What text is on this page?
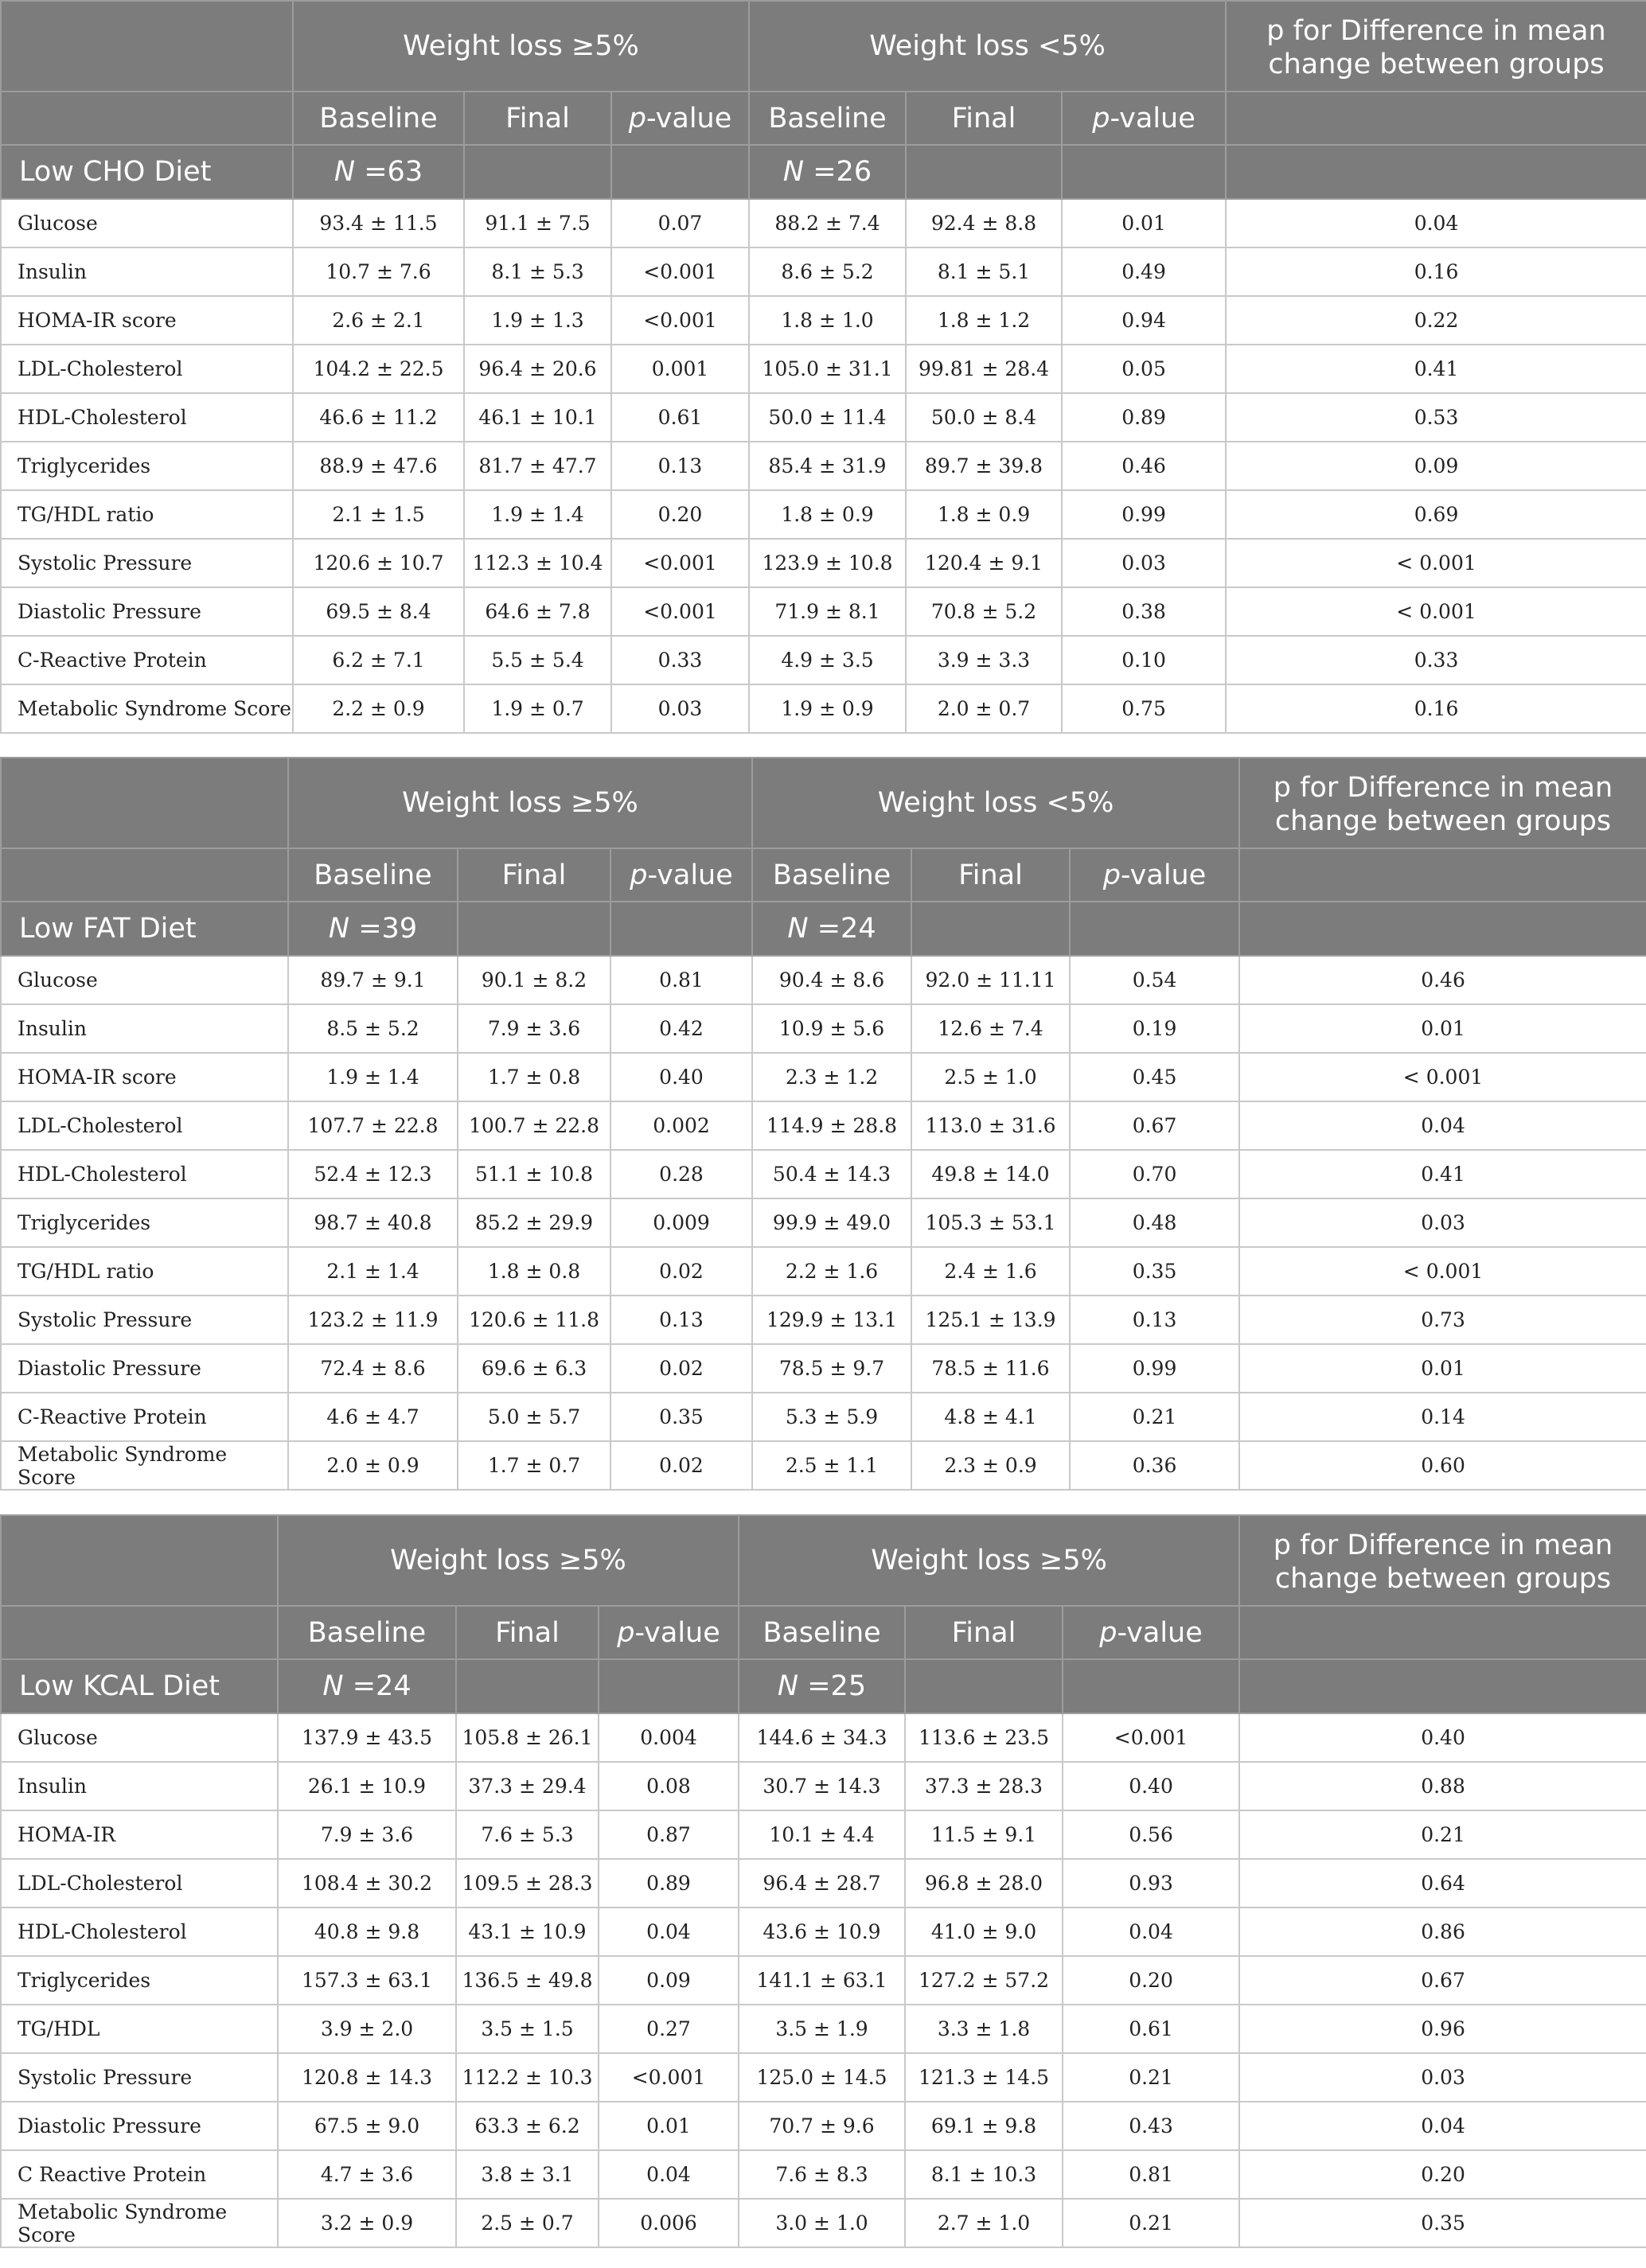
	Weight loss ≥5%			Weight loss <5%			p for Difference in mean change between groups
	Baseline	Final	p-value	Baseline	Final	p-value	
Low CHO Diet	N =63			N =26			
Glucose	93.4 ± 11.5	91.1 ± 7.5	0.07	88.2 ± 7.4	92.4 ± 8.8	0.01	0.04
Insulin	10.7 ± 7.6	8.1 ± 5.3	<0.001	8.6 ± 5.2	8.1 ± 5.1	0.49	0.16
HOMA-IR score	2.6 ± 2.1	1.9 ± 1.3	<0.001	1.8 ± 1.0	1.8 ± 1.2	0.94	0.22
LDL-Cholesterol	104.2 ± 22.5	96.4 ± 20.6	0.001	105.0 ± 31.1	99.81 ± 28.4	0.05	0.41
HDL-Cholesterol	46.6 ± 11.2	46.1 ± 10.1	0.61	50.0 ± 11.4	50.0 ± 8.4	0.89	0.53
Triglycerides	88.9 ± 47.6	81.7 ± 47.7	0.13	85.4 ± 31.9	89.7 ± 39.8	0.46	0.09
TG/HDL ratio	2.1 ± 1.5	1.9 ± 1.4	0.20	1.8 ± 0.9	1.8 ± 0.9	0.99	0.69
Systolic Pressure	120.6 ± 10.7	112.3 ± 10.4	<0.001	123.9 ± 10.8	120.4 ± 9.1	0.03	< 0.001
Diastolic Pressure	69.5 ± 8.4	64.6 ± 7.8	<0.001	71.9 ± 8.1	70.8 ± 5.2	0.38	< 0.001
C-Reactive Protein	6.2 ± 7.1	5.5 ± 5.4	0.33	4.9 ± 3.5	3.9 ± 3.3	0.10	0.33
Metabolic Syndrome Score	2.2 ± 0.9	1.9 ± 0.7	0.03	1.9 ± 0.9	2.0 ± 0.7	0.75	0.16
	Weight loss ≥5%			Weight loss <5%			p for Difference in mean change between groups
	Baseline	Final	p-value	Baseline	Final	p-value	
Low FAT Diet	N =39			N =24			
Glucose	89.7 ± 9.1	90.1 ± 8.2	0.81	90.4 ± 8.6	92.0 ± 11.11	0.54	0.46
Insulin	8.5 ± 5.2	7.9 ± 3.6	0.42	10.9 ± 5.6	12.6 ± 7.4	0.19	0.01
HOMA-IR score	1.9 ± 1.4	1.7 ± 0.8	0.40	2.3 ± 1.2	2.5 ± 1.0	0.45	< 0.001
LDL-Cholesterol	107.7 ± 22.8	100.7 ± 22.8	0.002	114.9 ± 28.8	113.0 ± 31.6	0.67	0.04
HDL-Cholesterol	52.4 ± 12.3	51.1 ± 10.8	0.28	50.4 ± 14.3	49.8 ± 14.0	0.70	0.41
Triglycerides	98.7 ± 40.8	85.2 ± 29.9	0.009	99.9 ± 49.0	105.3 ± 53.1	0.48	0.03
TG/HDL ratio	2.1 ± 1.4	1.8 ± 0.8	0.02	2.2 ± 1.6	2.4 ± 1.6	0.35	< 0.001
Systolic Pressure	123.2 ± 11.9	120.6 ± 11.8	0.13	129.9 ± 13.1	125.1 ± 13.9	0.13	0.73
Diastolic Pressure	72.4 ± 8.6	69.6 ± 6.3	0.02	78.5 ± 9.7	78.5 ± 11.6	0.99	0.01
C-Reactive Protein	4.6 ± 4.7	5.0 ± 5.7	0.35	5.3 ± 5.9	4.8 ± 4.1	0.21	0.14
Metabolic Syndrome Score	2.0 ± 0.9	1.7 ± 0.7	0.02	2.5 ± 1.1	2.3 ± 0.9	0.36	0.60
	Weight loss ≥5%			Weight loss ≥5%			p for Difference in mean change between groups
	Baseline	Final	p-value	Baseline	Final	p-value	
Low KCAL Diet	N =24			N =25			
Glucose	137.9 ± 43.5	105.8 ± 26.1	0.004	144.6 ± 34.3	113.6 ± 23.5	<0.001	0.40
Insulin	26.1 ± 10.9	37.3 ± 29.4	0.08	30.7 ± 14.3	37.3 ± 28.3	0.40	0.88
HOMA-IR	7.9 ± 3.6	7.6 ± 5.3	0.87	10.1 ± 4.4	11.5 ± 9.1	0.56	0.21
LDL-Cholesterol	108.4 ± 30.2	109.5 ± 28.3	0.89	96.4 ± 28.7	96.8 ± 28.0	0.93	0.64
HDL-Cholesterol	40.8 ± 9.8	43.1 ± 10.9	0.04	43.6 ± 10.9	41.0 ± 9.0	0.04	0.86
Triglycerides	157.3 ± 63.1	136.5 ± 49.8	0.09	141.1 ± 63.1	127.2 ± 57.2	0.20	0.67
TG/HDL	3.9 ± 2.0	3.5 ± 1.5	0.27	3.5 ± 1.9	3.3 ± 1.8	0.61	0.96
Systolic Pressure	120.8 ± 14.3	112.2 ± 10.3	<0.001	125.0 ± 14.5	121.3 ± 14.5	0.21	0.03
Diastolic Pressure	67.5 ± 9.0	63.3 ± 6.2	0.01	70.7 ± 9.6	69.1 ± 9.8	0.43	0.04
C Reactive Protein	4.7 ± 3.6	3.8 ± 3.1	0.04	7.6 ± 8.3	8.1 ± 10.3	0.81	0.20
Metabolic Syndrome Score	3.2 ± 0.9	2.5 ± 0.7	0.006	3.0 ± 1.0	2.7 ± 1.0	0.21	0.35
